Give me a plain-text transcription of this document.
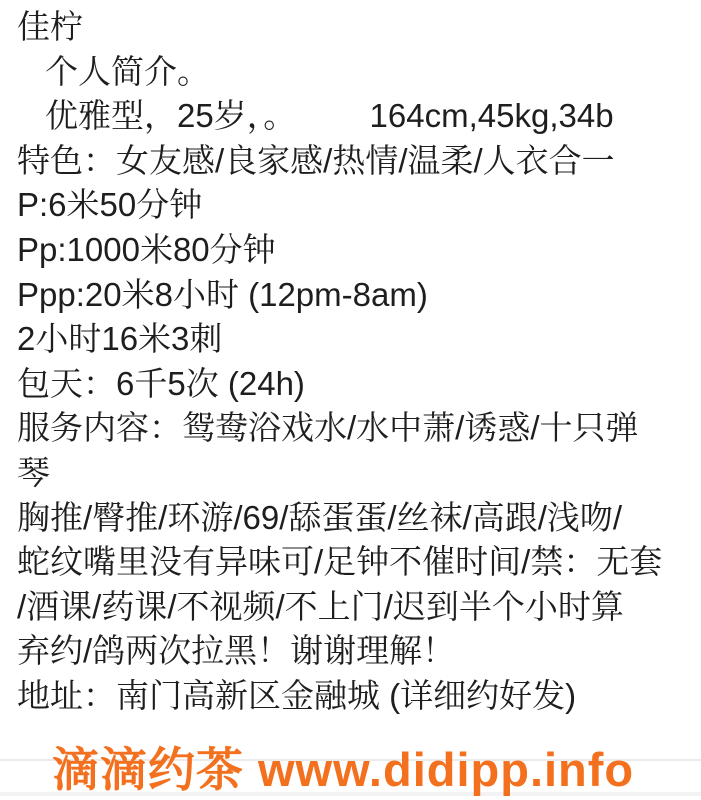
佳柠
个人简介。
优雅型，25岁，。        164cm,45kg,34b
特色：女友感/良家感/热情/温柔/人衣合一
P:6米50分钟
Pp:1000米80分钟
Ppp:20米8小时 (12pm-8am)
2小时16米3刺
包天：6千5次 (24h)
服务内容：鸳鸯浴戏水/水中萧/诱惑/十只弹
琴
胸推/臀推/环游/69/舔蛋蛋/丝袜/高跟/浅吻/
蛇纹嘴里没有异味可/足钟不催时间/禁：无套
/酒课/药课/不视频/不上门/迟到半个小时算
弃约/鸽两次拉黑！谢谢理解！
地址：南门高新区金融城 (详细约好发)
滴滴约茶 www.didipp.info
